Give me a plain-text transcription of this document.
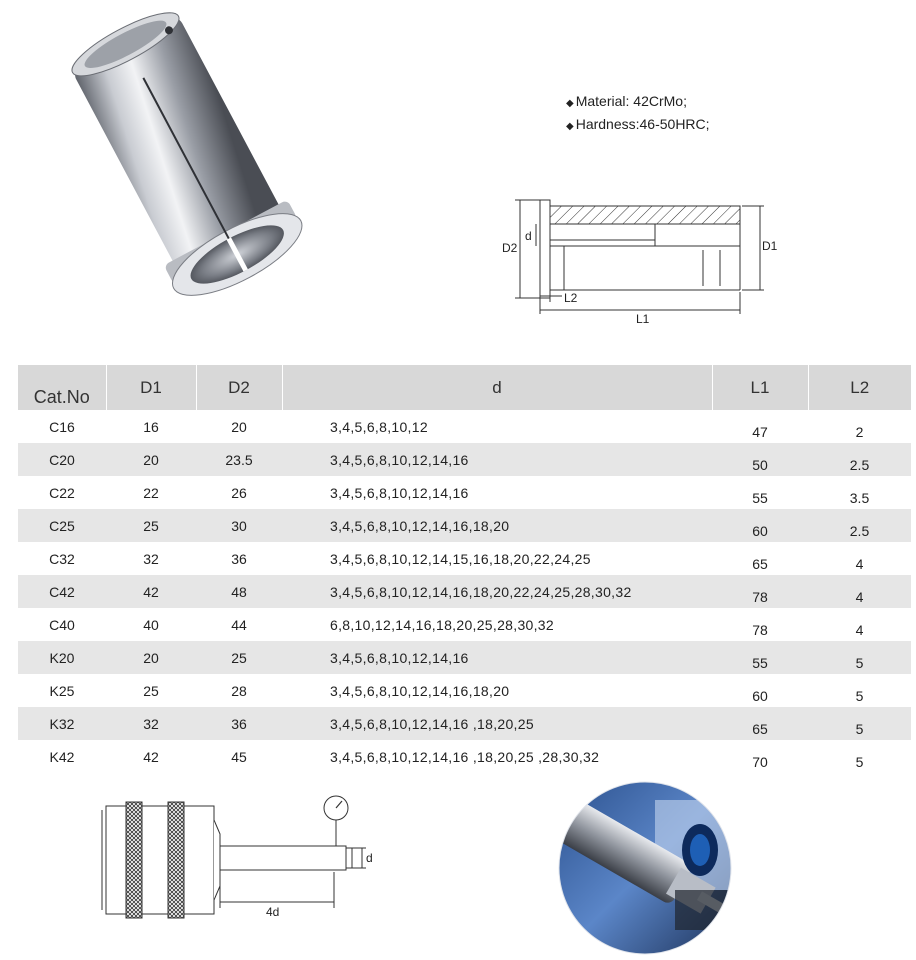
◆ Material: 42CrMo;
◆ Hardness:46-50HRC;
D2
d
D1
L2
L1
Cat.No	D1	D2	d	L1	L2
C16	16	20	3,4,5,6,8,10,12	47	2
C20	20	23.5	3,4,5,6,8,10,12,14,16	50	2.5
C22	22	26	3,4,5,6,8,10,12,14,16	55	3.5
C25	25	30	3,4,5,6,8,10,12,14,16,18,20	60	2.5
C32	32	36	3,4,5,6,8,10,12,14,15,16,18,20,22,24,25	65	4
C42	42	48	3,4,5,6,8,10,12,14,16,18,20,22,24,25,28,30,32	78	4
C40	40	44	6,8,10,12,14,16,18,20,25,28,30,32	78	4
K20	20	25	3,4,5,6,8,10,12,14,16	55	5
K25	25	28	3,4,5,6,8,10,12,14,16,18,20	60	5
K32	32	36	3,4,5,6,8,10,12,14,16 ,18,20,25	65	5
K42	42	45	3,4,5,6,8,10,12,14,16 ,18,20,25 ,28,30,32	70	5
d
4d
